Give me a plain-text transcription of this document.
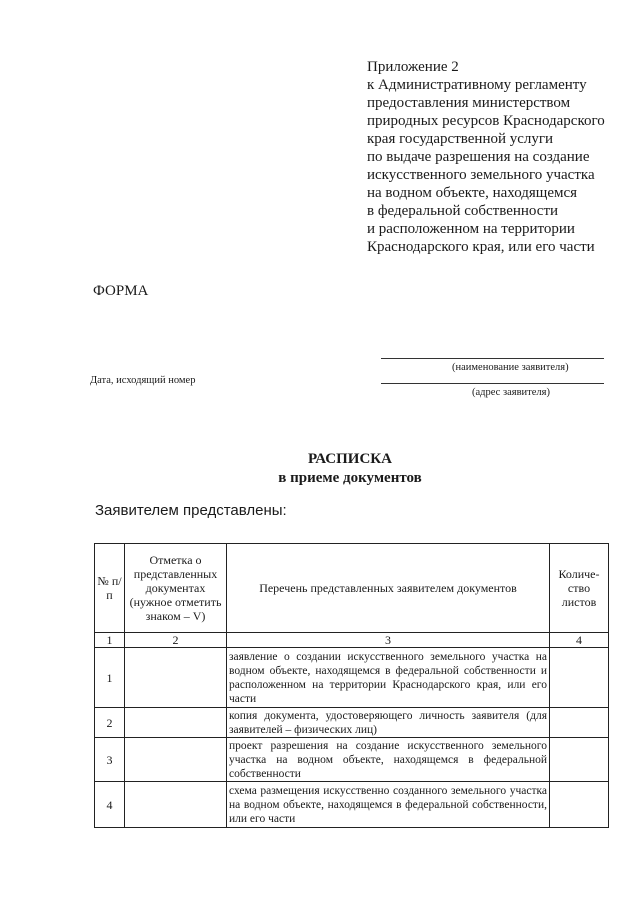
Приложение 2
к Административному регламенту
предоставления министерством
природных ресурсов Краснодарского
края государственной услуги
по выдаче разрешения на создание
искусственного земельного участка
на водном объекте, находящемся
в федеральной собственности
и расположенном на территории
Краснодарского края, или его части
ФОРМА
(наименование заявителя)
(адрес заявителя)
Дата, исходящий номер
РАСПИСКА
в приеме документов
Заявителем представлены:
№ п/п	Отметка о представленных документах (нужное отметить знаком – V)	Перечень представленных заявителем документов	Количе-ство листов
1	2	3	4
1		заявление о создании искусственного земельного участка на водном объекте, находящемся в федеральной собственности и расположенном на территории Краснодарского края, или его части	
2		копия документа, удостоверяющего личность заявителя (для заявителей – физических лиц)	
3		проект разрешения на создание искусственного земельного участка на водном объекте, находящемся в федеральной собственности	
4		схема размещения искусственно созданного земельного участка на водном объекте, находящемся в федеральной собственности, или его части	
